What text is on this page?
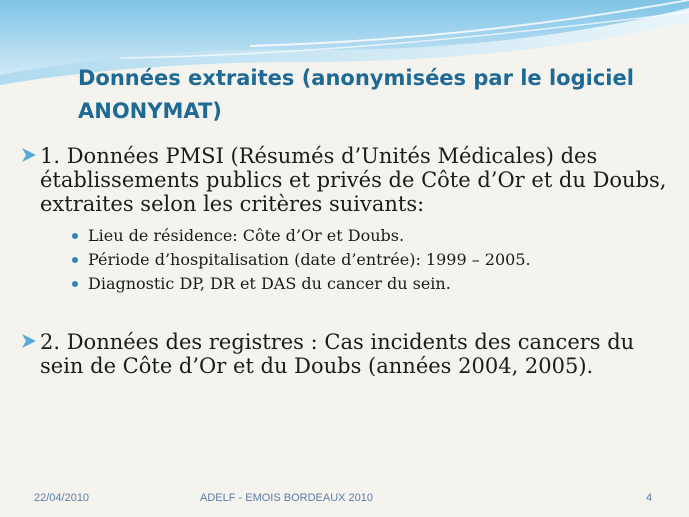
Données extraites (anonymisées par le logiciel ANONYMAT)
1. Données PMSI (Résumés d’Unités Médicales) des établissements publics et privés de Côte d’Or et du Doubs, extraites selon les critères suivants:
Lieu de résidence: Côte d’Or et Doubs.
Période d’hospitalisation (date d’entrée): 1999 – 2005.
Diagnostic DP, DR et DAS du cancer du sein.
2. Données des registres : Cas incidents des cancers du sein de Côte d’Or et du Doubs (années 2004, 2005).
22/04/2010	ADELF - EMOIS BORDEAUX 2010	4
